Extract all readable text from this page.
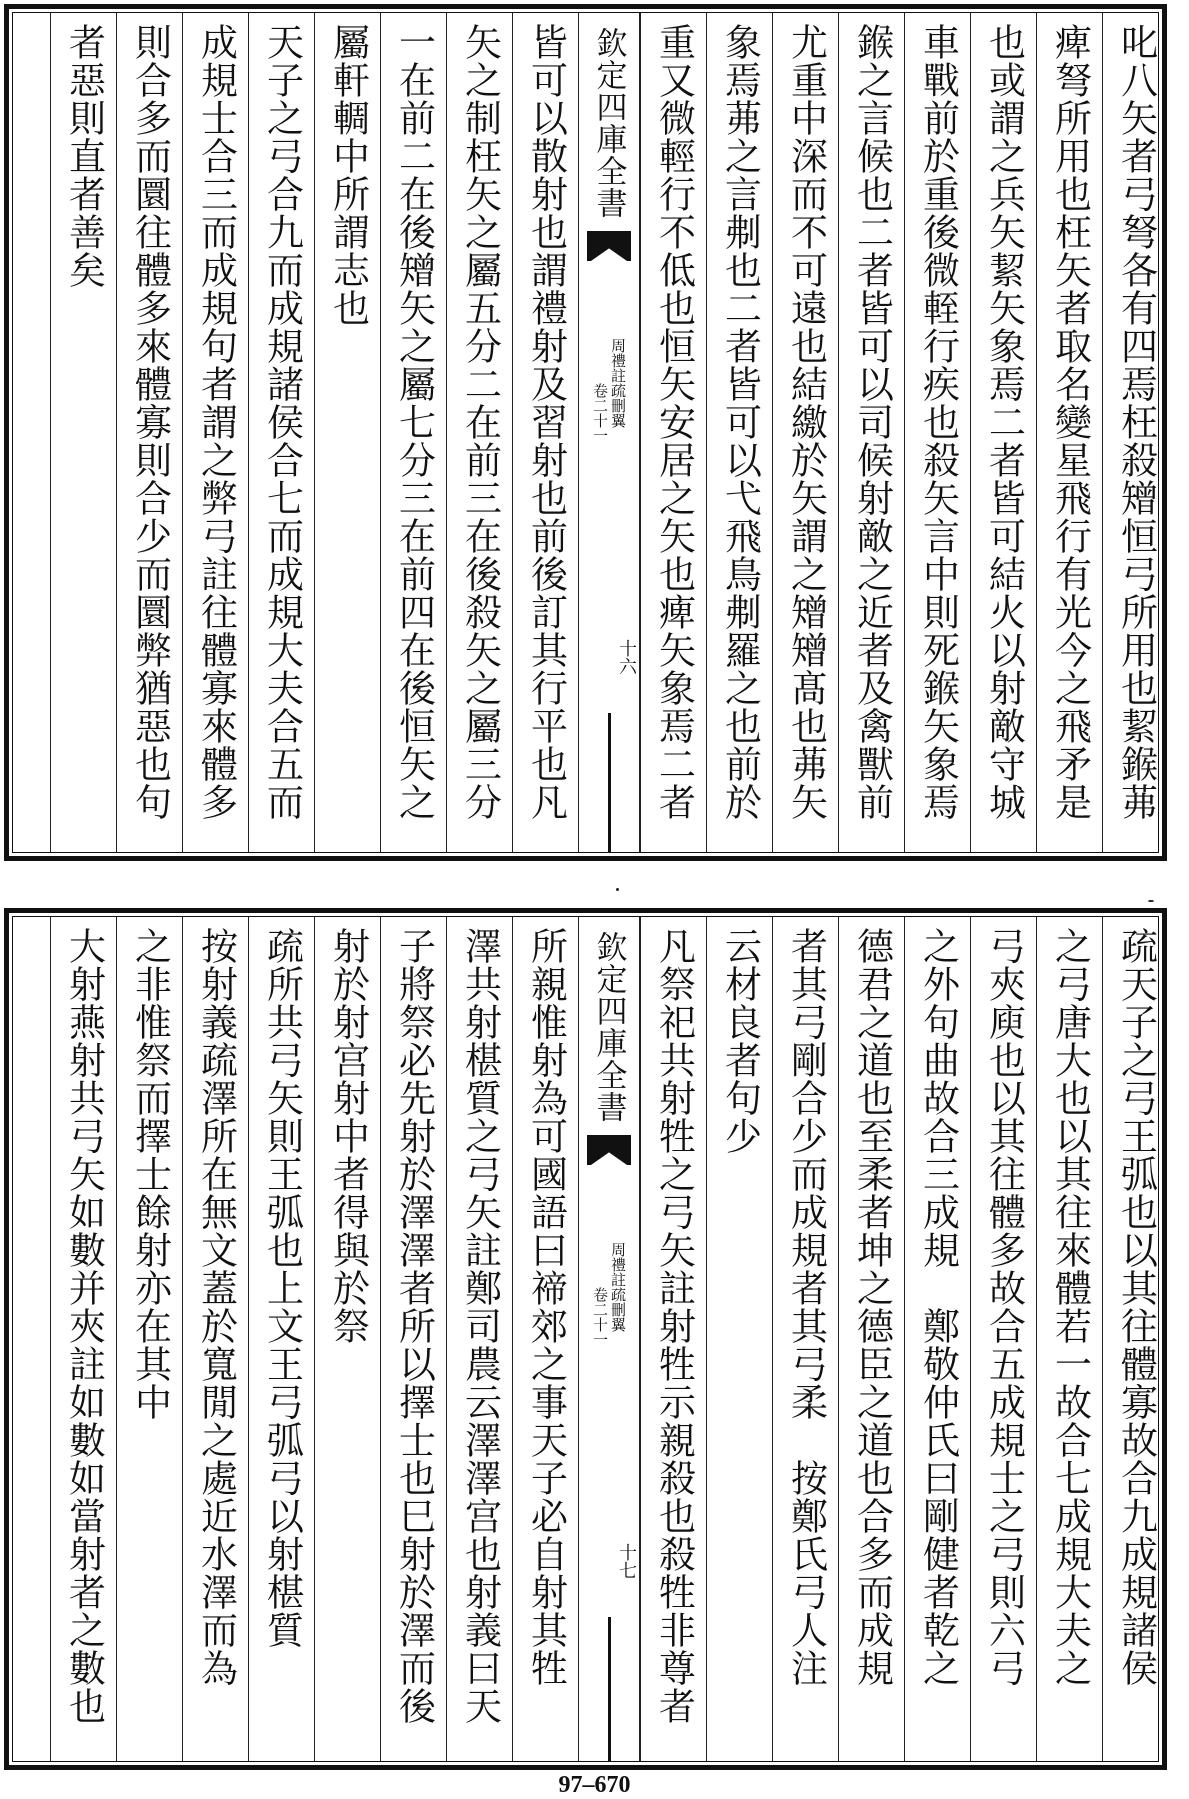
叱八矢者弓弩各有四焉枉殺矰恒弓所用也絜鍭茀
痺弩所用也枉矢者取名變星飛行有光今之飛矛是
也或謂之兵矢絜矢象焉二者皆可結火以射敵守城
車戰前於重後微輊行疾也殺矢言中則死鍭矢象焉
鍭之言候也二者皆可以司候射敵之近者及禽獸前
尤重中深而不可遠也結繳於矢謂之矰矰髙也茀矢
象焉茀之言刜也二者皆可以弋飛鳥刜羅之也前於
重又微輕行不低也恒矢安居之矢也痺矢象焉二者
欽定四庫全書
周禮註疏刪翼
卷二十一
十六
皆可以散射也謂禮射及習射也前後訂其行平也凡
矢之制枉矢之屬五分二在前三在後殺矢之屬三分
一在前二在後矰矢之屬七分三在前四在後恒矢之
屬軒輖中所謂志也
天子之弓合九而成規諸侯合七而成規大夫合五而
成規士合三而成規句者謂之弊弓註往體寡來體多
則合多而圜往體多來體寡則合少而圜弊猶惡也句
者惡則直者善矣
疏天子之弓王弧也以其往體寡故合九成規諸侯
之弓唐大也以其往來體若一故合七成規大夫之
弓夾庾也以其往體多故合五成規士之弓則六弓
之外句曲故合三成規　鄭敬仲氏曰剛健者乾之
德君之道也至柔者坤之德臣之道也合多而成規
者其弓剛合少而成規者其弓柔　按鄭氏弓人注
云材良者句少
凡祭祀共射牲之弓矢註射牲示親殺也殺牲非尊者
欽定四庫全書
周禮註疏刪翼
卷二十一
十七
所親惟射為可國語曰禘郊之事天子必自射其牲
澤共射椹質之弓矢註鄭司農云澤澤宫也射義曰天
子將祭必先射於澤澤者所以擇士也巳射於澤而後
射於射宫射中者得與於祭
疏所共弓矢則王弧也上文王弓弧弓以射椹質
按射義疏澤所在無文蓋於寬閒之處近水澤而為
之非惟祭而擇士餘射亦在其中
大射燕射共弓矢如數并夾註如數如當射者之數也
97–670
